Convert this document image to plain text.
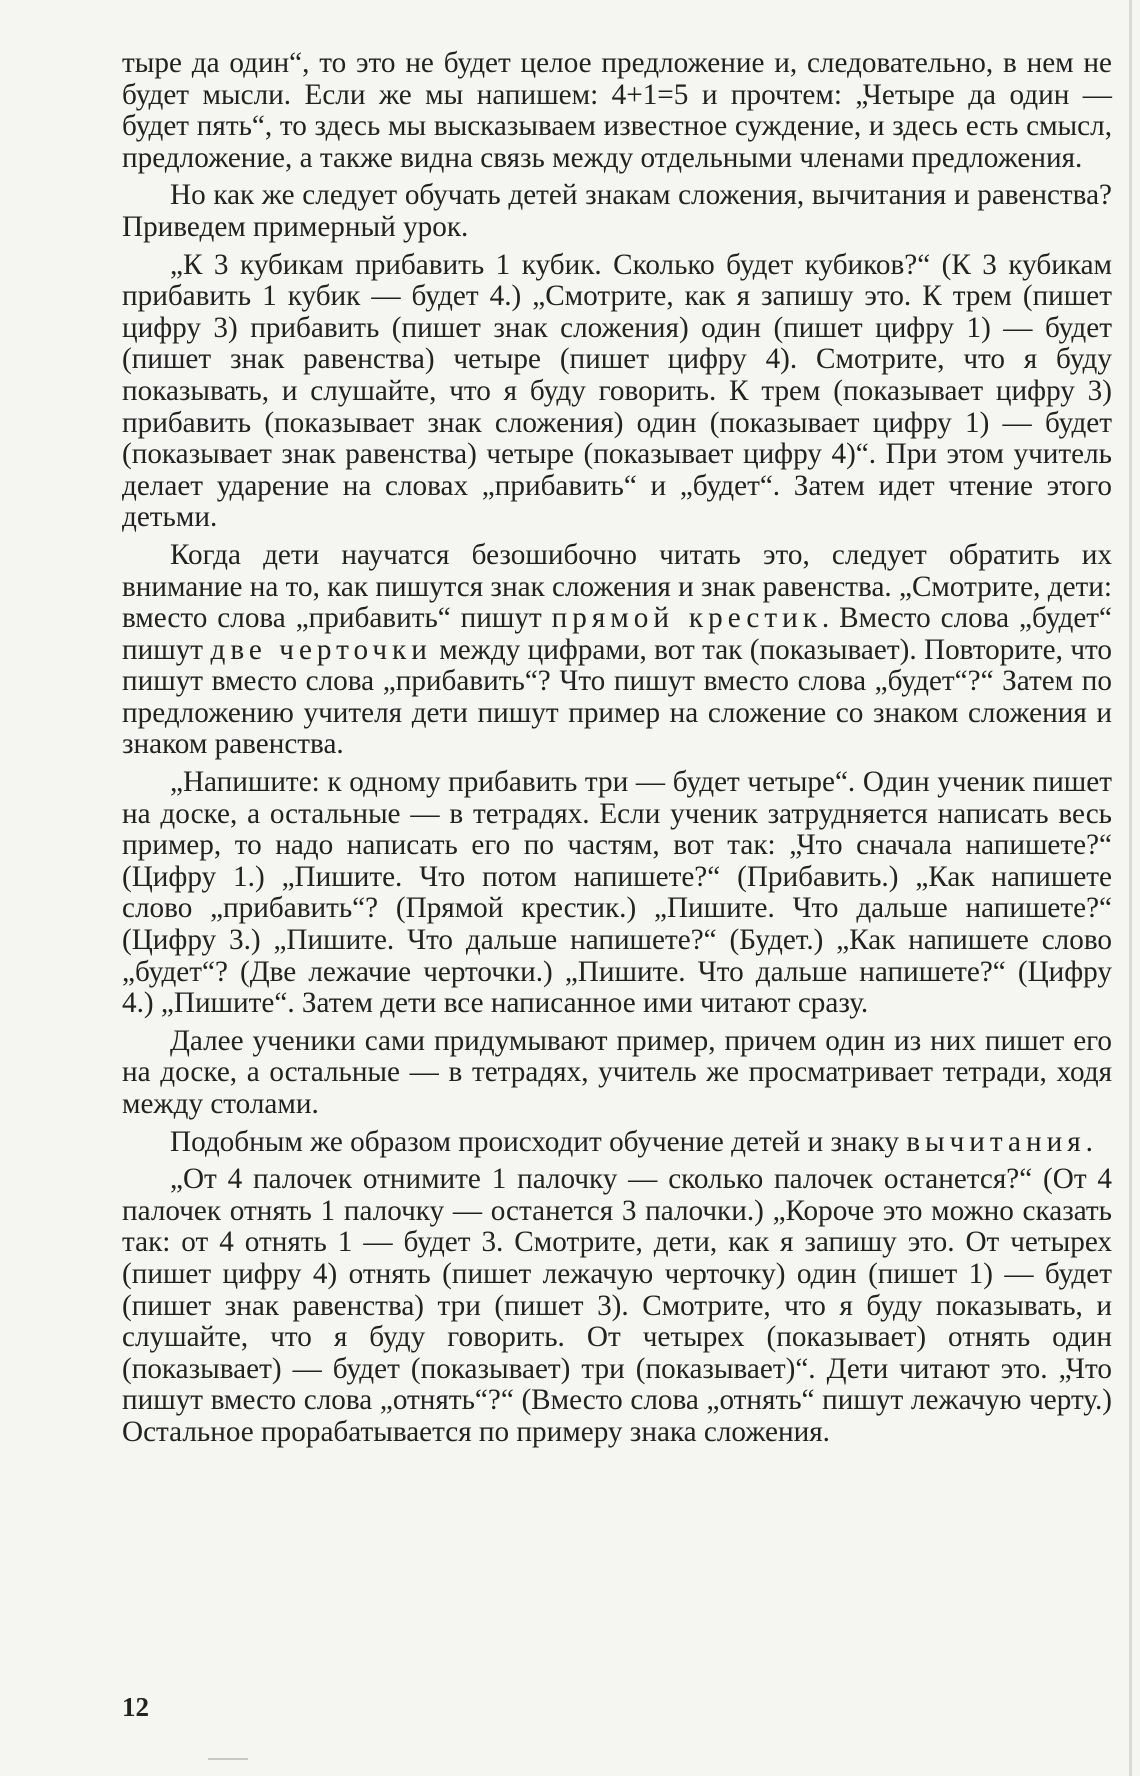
тыре да один“, то это не будет целое предложение и, следовательно, в нем не будет мысли. Если же мы напишем: 4+1=5 и прочтем: „Четыре да один — будет пять“, то здесь мы высказываем известное суждение, и здесь есть смысл, предложение, а также видна связь между отдельными членами предложения.

Но как же следует обучать детей знакам сложения, вычитания и равенства? Приведем примерный урок.

„К 3 кубикам прибавить 1 кубик. Сколько будет кубиков?“ (К 3 кубикам прибавить 1 кубик — будет 4.) „Смотрите, как я запишу это. К трем (пишет цифру 3) прибавить (пишет знак сложения) один (пишет цифру 1) — будет (пишет знак равенства) четыре (пишет цифру 4). Смотрите, что я буду показывать, и слушайте, что я буду говорить. К трем (показывает цифру 3) прибавить (показывает знак сложения) один (показывает цифру 1) — будет (показывает знак равенства) четыре (показывает цифру 4)“. При этом учитель делает ударение на словах „прибавить“ и „будет“. Затем идет чтение этого детьми.

Когда дети научатся безошибочно читать это, следует обратить их внимание на то, как пишутся знак сложения и знак равенства. „Смотрите, дети: вместо слова „прибавить“ пишут прямой крестик. Вместо слова „будет“ пишут две черточки между цифрами, вот так (показывает). Повторите, что пишут вместо слова „прибавить“? Что пишут вместо слова „будет“?“ Затем по предложению учителя дети пишут пример на сложение со знаком сложения и знаком равенства.

„Напишите: к одному прибавить три — будет четыре“. Один ученик пишет на доске, а остальные — в тетрадях. Если ученик затрудняется написать весь пример, то надо написать его по частям, вот так: „Что сначала напишете?“ (Цифру 1.) „Пишите. Что потом напишете?“ (Прибавить.) „Как напишете слово „прибавить“? (Прямой крестик.) „Пишите. Что дальше напишете?“ (Цифру 3.) „Пишите. Что дальше напишете?“ (Будет.) „Как напишете слово „будет“? (Две лежачие черточки.) „Пишите. Что дальше напишете?“ (Цифру 4.) „Пишите“. Затем дети все написанное ими читают сразу.

Далее ученики сами придумывают пример, причем один из них пишет его на доске, а остальные — в тетрадях, учитель же просматривает тетради, ходя между столами.

Подобным же образом происходит обучение детей и знаку вычитания.

„От 4 палочек отнимите 1 палочку — сколько палочек останется?“ (От 4 палочек отнять 1 палочку — останется 3 палочки.) „Короче это можно сказать так: от 4 отнять 1 — будет 3. Смотрите, дети, как я запишу это. От четырех (пишет цифру 4) отнять (пишет лежачую черточку) один (пишет 1) — будет (пишет знак равенства) три (пишет 3). Смотрите, что я буду показывать, и слушайте, что я буду говорить. От четырех (показывает) отнять один (показывает) — будет (показывает) три (показывает)“. Дети читают это. „Что пишут вместо слова „отнять“?“ (Вместо слова „отнять“ пишут лежачую черту.) Остальное прорабатывается по примеру знака сложения.

12
